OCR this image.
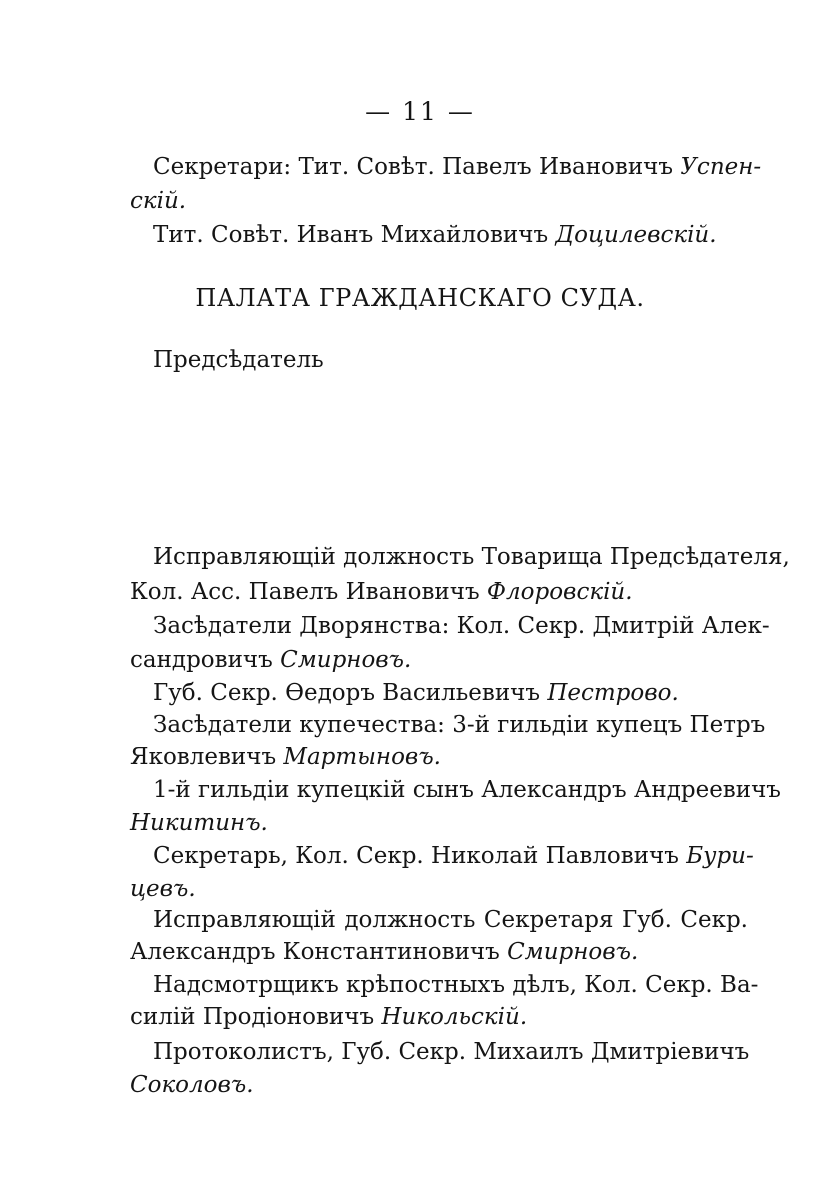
— 11 —
Секретари: Тит. Совѣт. Павелъ Ивановичъ Успен-
скій.
Тит. Совѣт. Иванъ Михайловичъ Доцилевскій.
ПАЛАТА ГРАЖДАНСКАГО СУДА.
Предсѣдатель
Исправляющій должность Товарища Предсѣдателя,
Кол. Асс. Павелъ Ивановичъ Флоровскій.
Засѣдатели Дворянства: Кол. Секр. Дмитрій Алек-
сандровичъ Смирновъ.
Губ. Секр. Ѳедоръ Васильевичъ Пестрово.
Засѣдатели купечества: 3-й гильдіи купецъ Петръ
Яковлевичъ Мартыновъ.
1-й гильдіи купецкій сынъ Александръ Андреевичъ
Никитинъ.
Секретарь, Кол. Секр. Николай Павловичъ Бури-
цевъ.
Исправляющій должность Секретаря Губ. Секр.
Александръ Константиновичъ Смирновъ.
Надсмотрщикъ крѣпостныхъ дѣлъ, Кол. Секр. Ва-
силій Продіоновичъ Никольскій.
Протоколистъ, Губ. Секр. Михаилъ Дмитріевичъ
Соколовъ.
